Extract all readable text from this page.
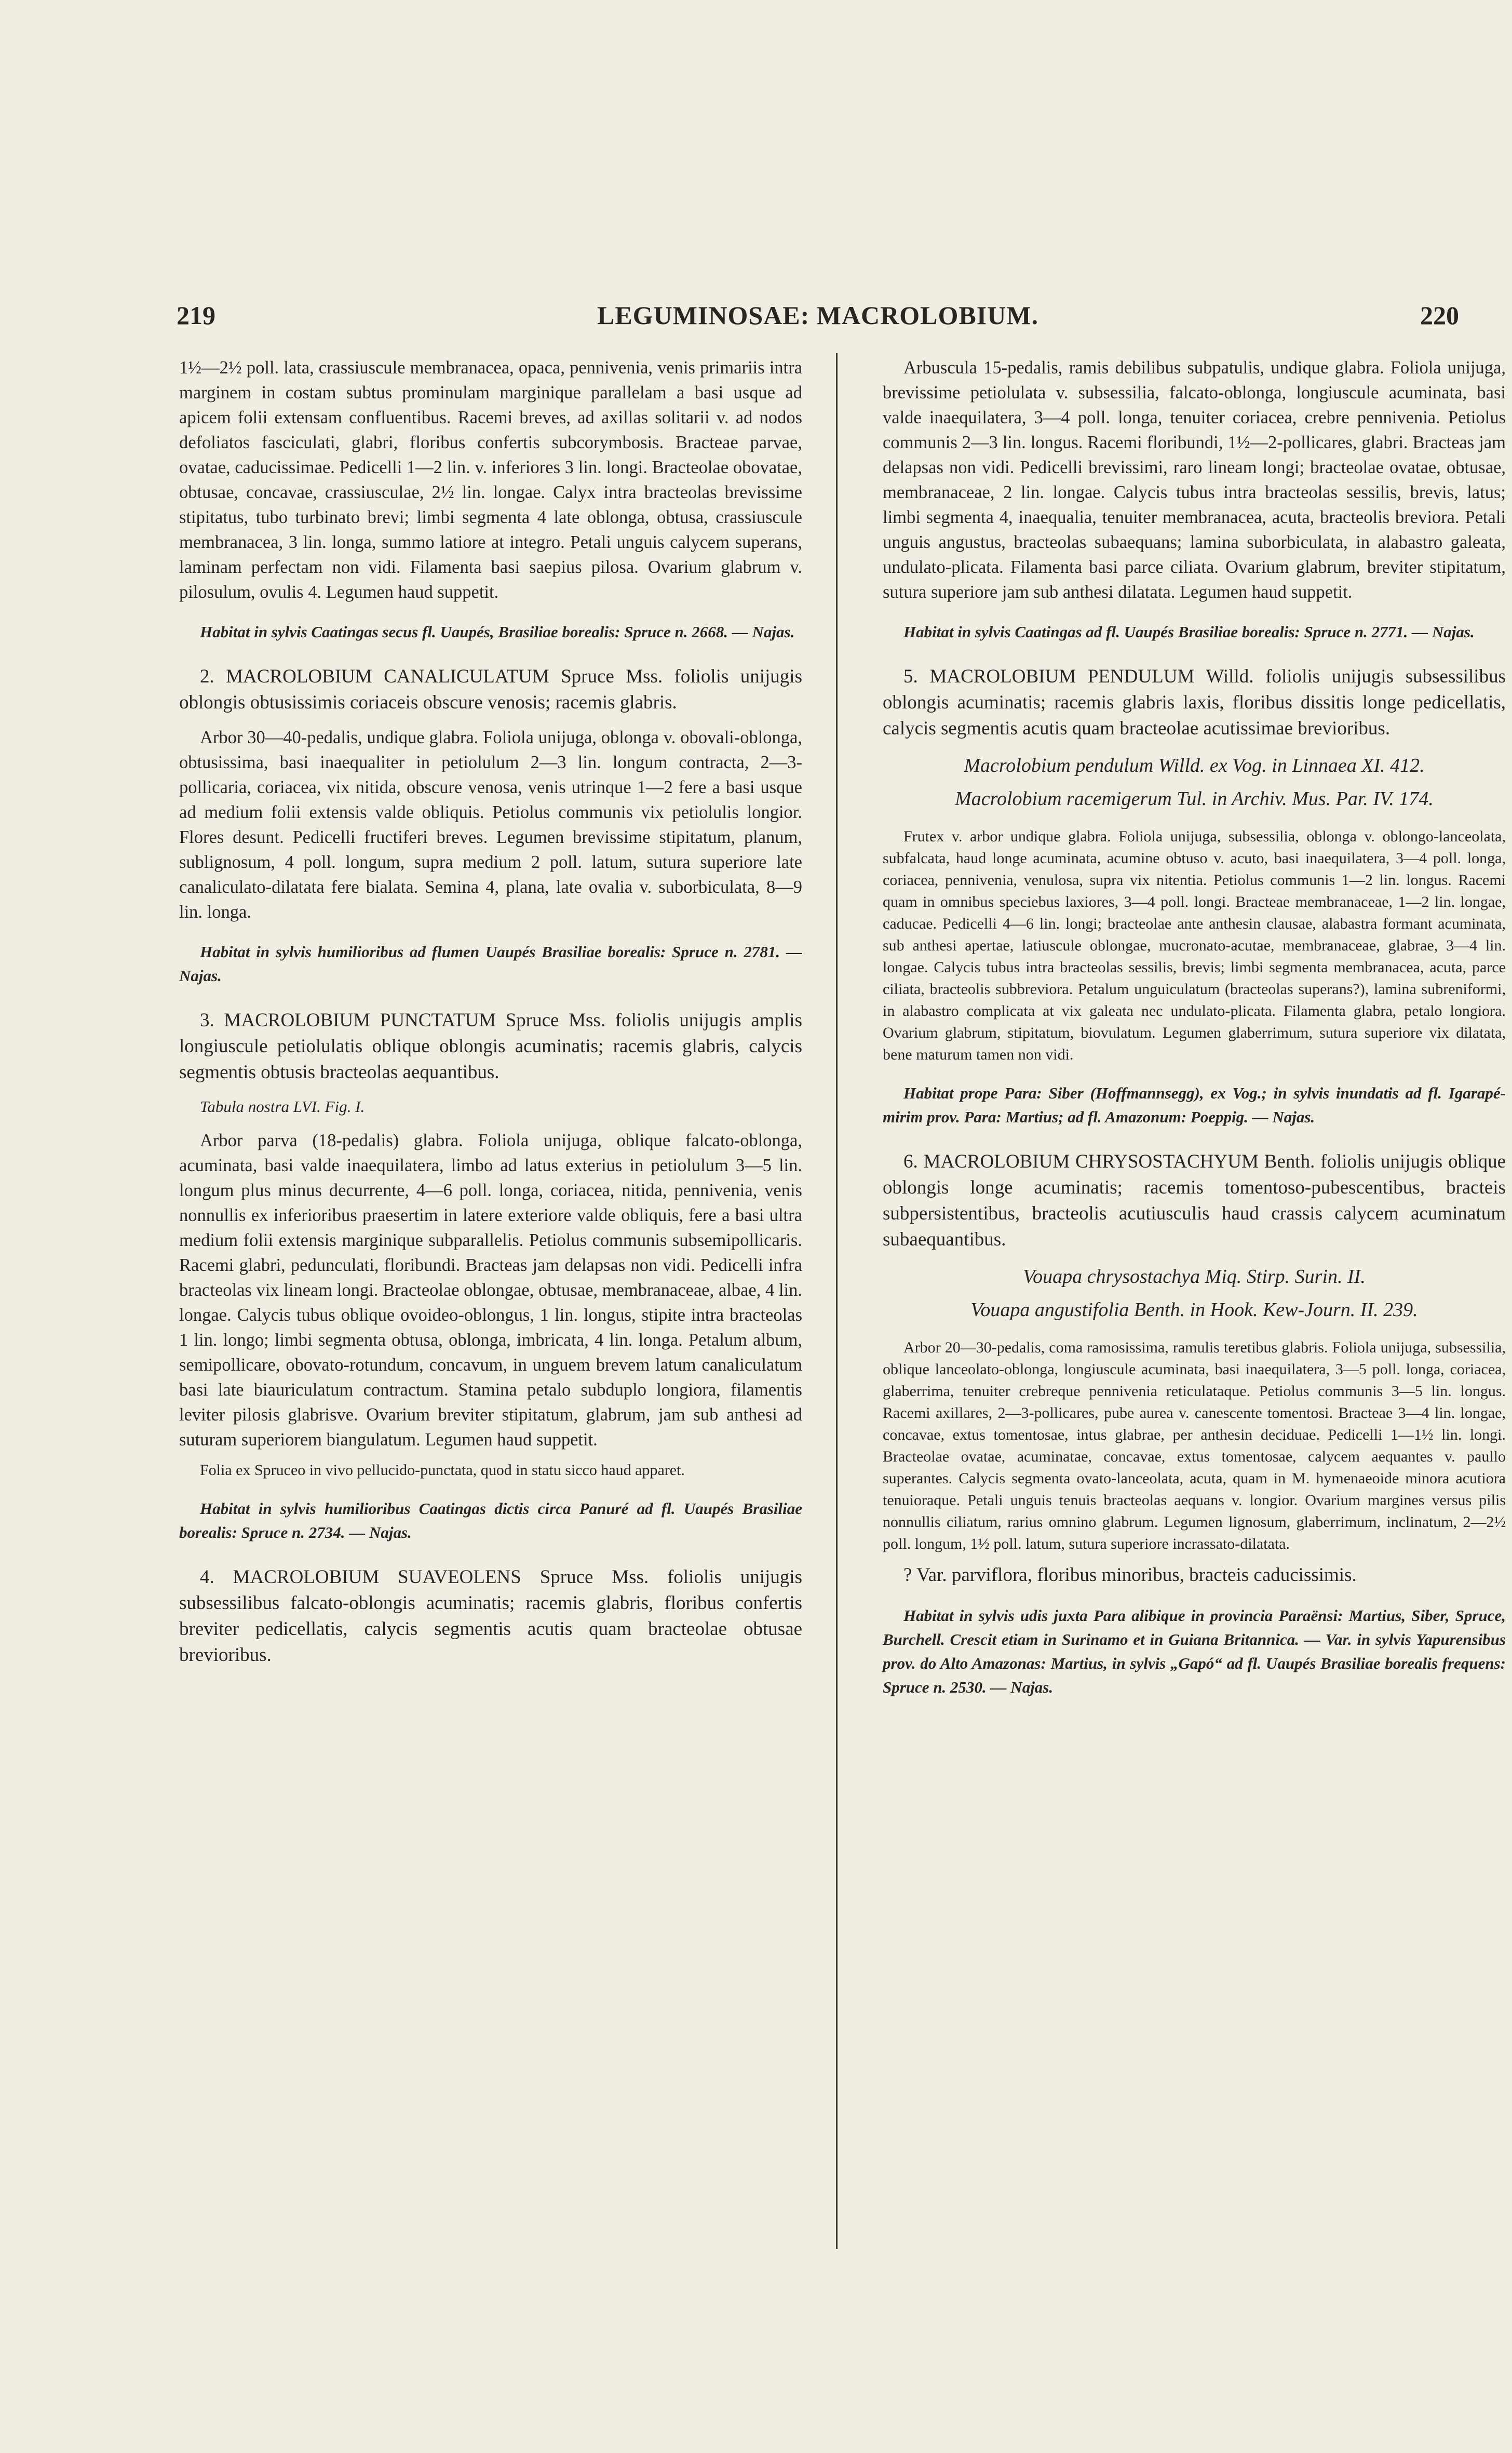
219	LEGUMINOSAE: MACROLOBIUM.	220

1½—2½ poll. lata, crassiuscule membranacea, opaca, pennivenia, venis primariis intra marginem in costam subtus prominulam marginique parallelam a basi usque ad apicem folii extensam confluentibus. Racemi breves, ad axillas solitarii v. ad nodos defoliatos fasciculati, glabri, floribus confertis subcorymbosis. Bracteae parvae, ovatae, caducissimae. Pedicelli 1—2 lin. v. inferiores 3 lin. longi. Bracteolae obovatae, obtusae, concavae, crassiusculae, 2½ lin. longae. Calyx intra bracteolas brevissime stipitatus, tubo turbinato brevi; limbi segmenta 4 late oblonga, obtusa, crassiuscule membranacea, 3 lin. longa, summo latiore at integro. Petali unguis calycem superans, laminam perfectam non vidi. Filamenta basi saepius pilosa. Ovarium glabrum v. pilosulum, ovulis 4. Legumen haud suppetit.

Habitat in sylvis Caatingas secus fl. Uaupés, Brasiliae borealis: Spruce n. 2668. — Najas.

2. MACROLOBIUM CANALICULATUM Spruce Mss. foliolis unijugis oblongis obtusissimis coriaceis obscure venosis; racemis glabris.

Arbor 30—40-pedalis, undique glabra. Foliola unijuga, oblonga v. obovali-oblonga, obtusissima, basi inaequaliter in petiolulum 2—3 lin. longum contracta, 2—3-pollicaria, coriacea, vix nitida, obscure venosa, venis utrinque 1—2 fere a basi usque ad medium folii extensis valde obliquis. Petiolus communis vix petiolulis longior. Flores desunt. Pedicelli fructiferi breves. Legumen brevissime stipitatum, planum, sublignosum, 4 poll. longum, supra medium 2 poll. latum, sutura superiore late canaliculato-dilatata fere bialata. Semina 4, plana, late ovalia v. suborbiculata, 8—9 lin. longa.

Habitat in sylvis humilioribus ad flumen Uaupés Brasiliae borealis: Spruce n. 2781. — Najas.

3. MACROLOBIUM PUNCTATUM Spruce Mss. foliolis unijugis amplis longiuscule petiolulatis oblique oblongis acuminatis; racemis glabris, calycis segmentis obtusis bracteolas aequantibus.

Tabula nostra LVI. Fig. I.

Arbor parva (18-pedalis) glabra. Foliola unijuga, oblique falcato-oblonga, acuminata, basi valde inaequilatera, limbo ad latus exterius in petiolulum 3—5 lin. longum plus minus decurrente, 4—6 poll. longa, coriacea, nitida, pennivenia, venis nonnullis ex inferioribus praesertim in latere exteriore valde obliquis, fere a basi ultra medium folii extensis marginique subparallelis. Petiolus communis subsemipollicaris. Racemi glabri, pedunculati, floribundi. Bracteas jam delapsas non vidi. Pedicelli infra bracteolas vix lineam longi. Bracteolae oblongae, obtusae, membranaceae, albae, 4 lin. longae. Calycis tubus oblique ovoideo-oblongus, 1 lin. longus, stipite intra bracteolas 1 lin. longo; limbi segmenta obtusa, oblonga, imbricata, 4 lin. longa. Petalum album, semipollicare, obovato-rotundum, concavum, in unguem brevem latum canaliculatum basi late biauriculatum contractum. Stamina petalo subduplo longiora, filamentis leviter pilosis glabrisve. Ovarium breviter stipitatum, glabrum, jam sub anthesi ad suturam superiorem biangulatum. Legumen haud suppetit.

Folia ex Spruceo in vivo pellucido-punctata, quod in statu sicco haud apparet.

Habitat in sylvis humilioribus Caatingas dictis circa Panuré ad fl. Uaupés Brasiliae borealis: Spruce n. 2734. — Najas.

4. MACROLOBIUM SUAVEOLENS Spruce Mss. foliolis unijugis subsessilibus falcato-oblongis acuminatis; racemis glabris, floribus confertis breviter pedicellatis, calycis segmentis acutis quam bracteolae obtusae brevioribus.

Arbuscula 15-pedalis, ramis debilibus subpatulis, undique glabra. Foliola unijuga, brevissime petiolulata v. subsessilia, falcato-oblonga, longiuscule acuminata, basi valde inaequilatera, 3—4 poll. longa, tenuiter coriacea, crebre pennivenia. Petiolus communis 2—3 lin. longus. Racemi floribundi, 1½—2-pollicares, glabri. Bracteas jam delapsas non vidi. Pedicelli brevissimi, raro lineam longi; bracteolae ovatae, obtusae, membranaceae, 2 lin. longae. Calycis tubus intra bracteolas sessilis, brevis, latus; limbi segmenta 4, inaequalia, tenuiter membranacea, acuta, bracteolis breviora. Petali unguis angustus, bracteolas subaequans; lamina suborbiculata, in alabastro galeata, undulato-plicata. Filamenta basi parce ciliata. Ovarium glabrum, breviter stipitatum, sutura superiore jam sub anthesi dilatata. Legumen haud suppetit.

Habitat in sylvis Caatingas ad fl. Uaupés Brasiliae borealis: Spruce n. 2771. — Najas.

5. MACROLOBIUM PENDULUM Willd. foliolis unijugis subsessilibus oblongis acuminatis; racemis glabris laxis, floribus dissitis longe pedicellatis, calycis segmentis acutis quam bracteolae acutissimae brevioribus.

Macrolobium pendulum Willd. ex Vog. in Linnaea XI. 412.

Macrolobium racemigerum Tul. in Archiv. Mus. Par. IV. 174.

Frutex v. arbor undique glabra. Foliola unijuga, subsessilia, oblonga v. oblongo-lanceolata, subfalcata, haud longe acuminata, acumine obtuso v. acuto, basi inaequilatera, 3—4 poll. longa, coriacea, pennivenia, venulosa, supra vix nitentia. Petiolus communis 1—2 lin. longus. Racemi quam in omnibus speciebus laxiores, 3—4 poll. longi. Bracteae membranaceae, 1—2 lin. longae, caducae. Pedicelli 4—6 lin. longi; bracteolae ante anthesin clausae, alabastra formant acuminata, sub anthesi apertae, latiuscule oblongae, mucronato-acutae, membranaceae, glabrae, 3—4 lin. longae. Calycis tubus intra bracteolas sessilis, brevis; limbi segmenta membranacea, acuta, parce ciliata, bracteolis subbreviora. Petalum unguiculatum (bracteolas superans?), lamina subreniformi, in alabastro complicata at vix galeata nec undulato-plicata. Filamenta glabra, petalo longiora. Ovarium glabrum, stipitatum, biovulatum. Legumen glaberrimum, sutura superiore vix dilatata, bene maturum tamen non vidi.

Habitat prope Para: Siber (Hoffmannsegg), ex Vog.; in sylvis inundatis ad fl. Igarapé-mirim prov. Para: Martius; ad fl. Amazonum: Poeppig. — Najas.

6. MACROLOBIUM CHRYSOSTACHYUM Benth. foliolis unijugis oblique oblongis longe acuminatis; racemis tomentoso-pubescentibus, bracteis subpersistentibus, bracteolis acutiusculis haud crassis calycem acuminatum subaequantibus.

Vouapa chrysostachya Miq. Stirp. Surin. II.

Vouapa angustifolia Benth. in Hook. Kew-Journ. II. 239.

Arbor 20—30-pedalis, coma ramosissima, ramulis teretibus glabris. Foliola unijuga, subsessilia, oblique lanceolato-oblonga, longiuscule acuminata, basi inaequilatera, 3—5 poll. longa, coriacea, glaberrima, tenuiter crebreque pennivenia reticulataque. Petiolus communis 3—5 lin. longus. Racemi axillares, 2—3-pollicares, pube aurea v. canescente tomentosi. Bracteae 3—4 lin. longae, concavae, extus tomentosae, intus glabrae, per anthesin deciduae. Pedicelli 1—1½ lin. longi. Bracteolae ovatae, acuminatae, concavae, extus tomentosae, calycem aequantes v. paullo superantes. Calycis segmenta ovato-lanceolata, acuta, quam in M. hymenaeoide minora acutiora tenuioraque. Petali unguis tenuis bracteolas aequans v. longior. Ovarium margines versus pilis nonnullis ciliatum, rarius omnino glabrum. Legumen lignosum, glaberrimum, inclinatum, 2—2½ poll. longum, 1½ poll. latum, sutura superiore incrassato-dilatata.

? Var. parviflora, floribus minoribus, bracteis caducissimis.

Habitat in sylvis udis juxta Para alibique in provincia Paraënsi: Martius, Siber, Spruce, Burchell. Crescit etiam in Surinamo et in Guiana Britannica. — Var. in sylvis Yapurensibus prov. do Alto Amazonas: Martius, in sylvis „Gapó“ ad fl. Uaupés Brasiliae borealis frequens: Spruce n. 2530. — Najas.
